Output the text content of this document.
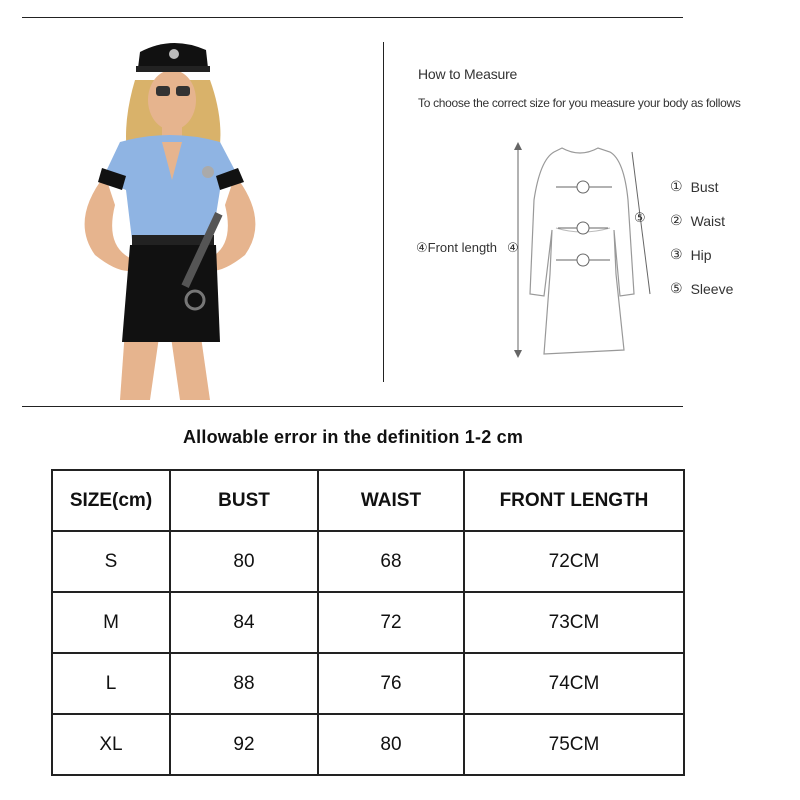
How to Measure
To choose the correct size for you measure your body as follows
④Front length ④
⑤
① Bust
② Waist
③ Hip
⑤ Sleeve
Allowable error in the definition 1-2 cm
SIZE(cm)	BUST	WAIST	FRONT LENGTH
S	80	68	72CM
M	84	72	73CM
L	88	76	74CM
XL	92	80	75CM
